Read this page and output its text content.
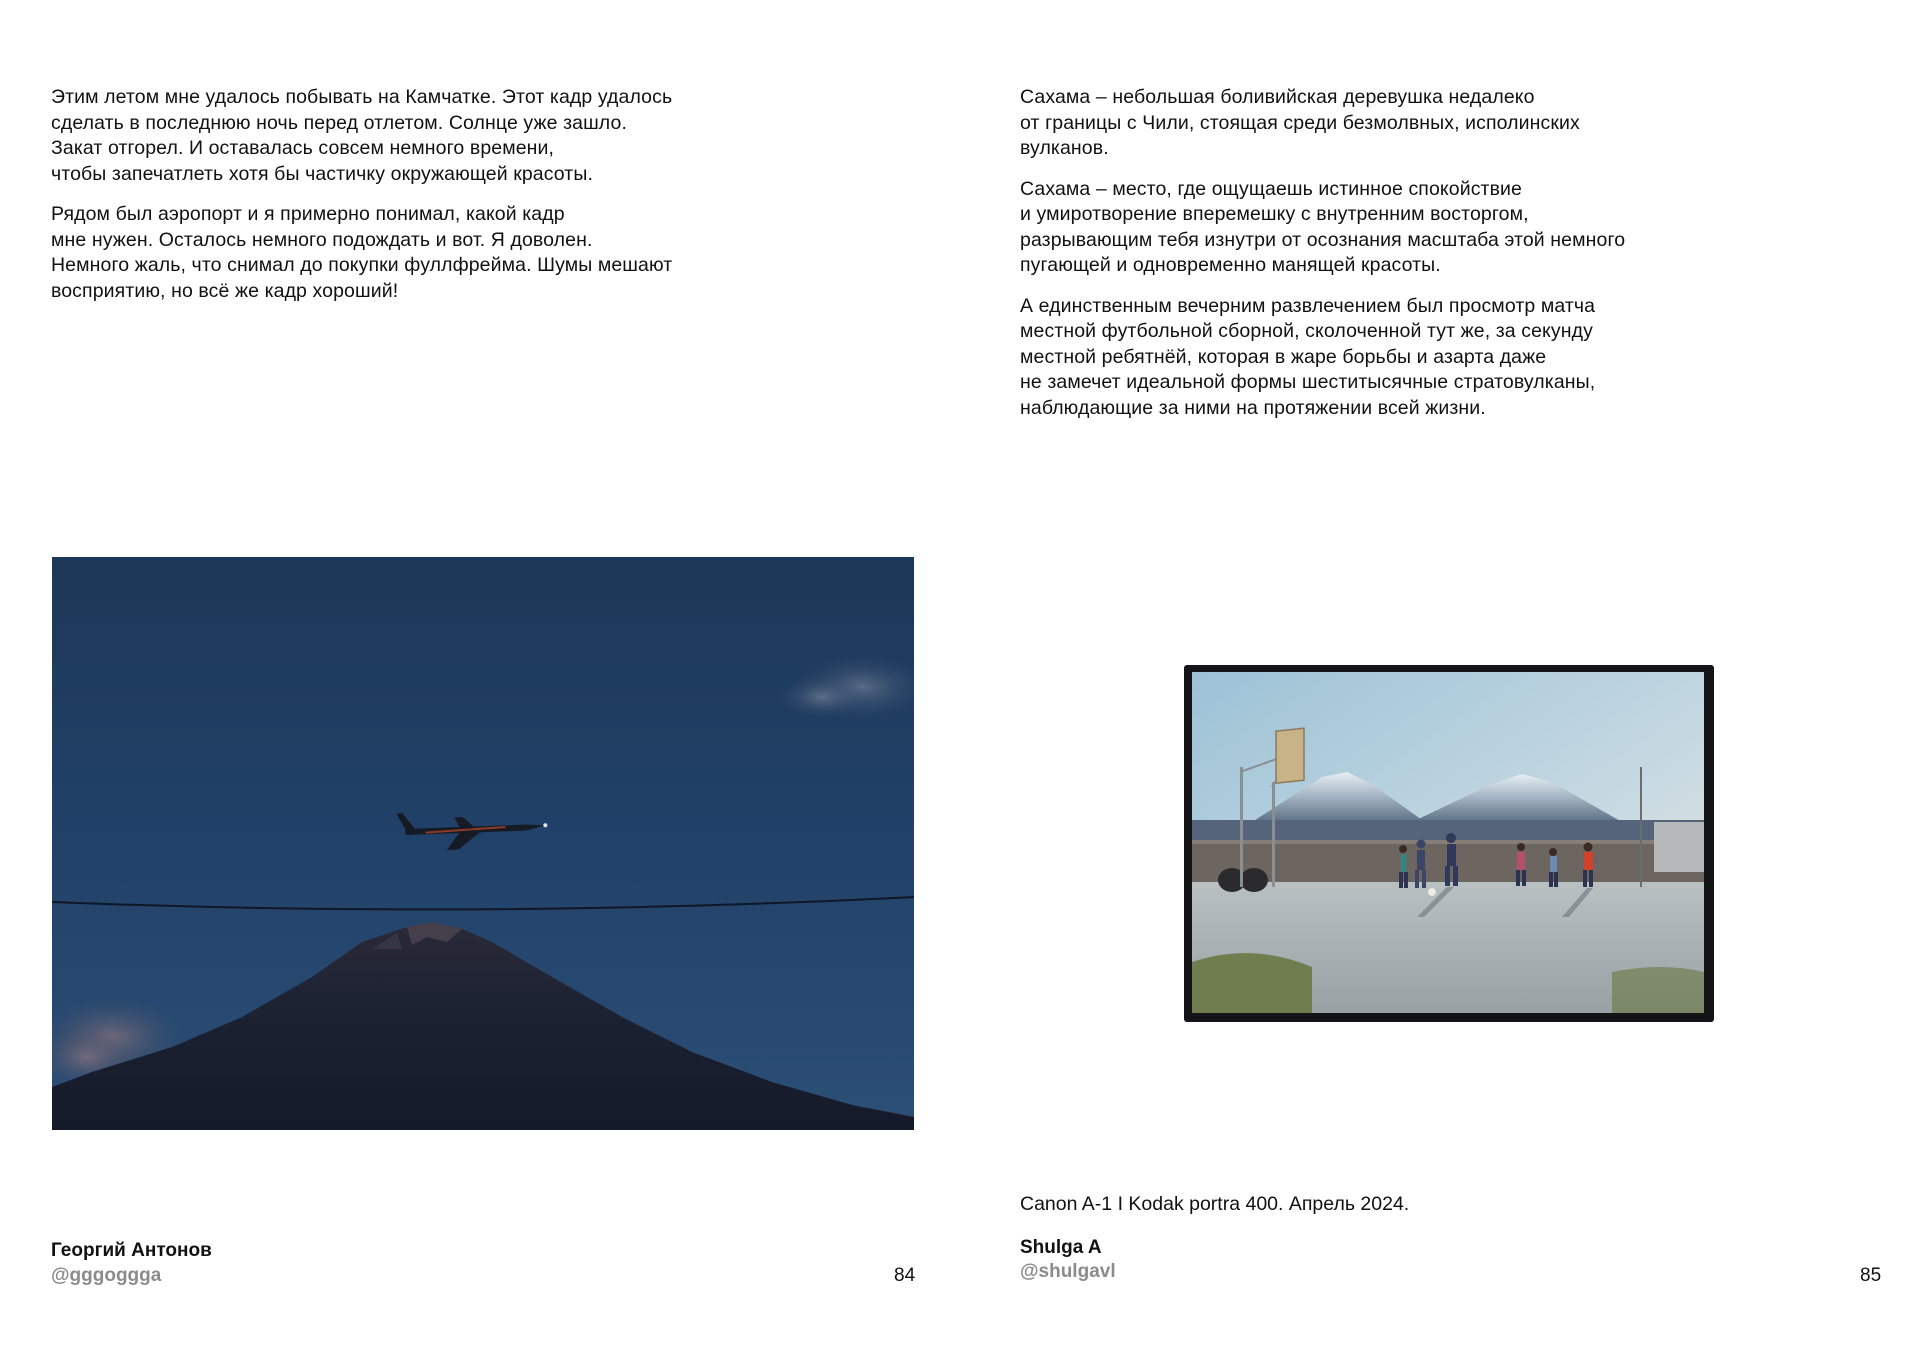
Этим летом мне удалось побывать на Камчатке. Этот кадр удалось
сделать в последнюю ночь перед отлетом. Солнце уже зашло.
Закат отгорел. И оставалась совсем немного времени,
чтобы запечатлеть хотя бы частичку окружающей красоты.

Рядом был аэропорт и я примерно понимал, какой кадр
мне нужен. Осталось немного подождать и вот. Я доволен.
Немного жаль, что снимал до покупки фуллфрейма. Шумы мешают
восприятию, но всё же кадр хороший!

Георгий Антонов
@gggoggga	84

Сахама – небольшая боливийская деревушка недалеко
от границы с Чили, стоящая среди безмолвных, исполинских
вулканов.

Сахама – место, где ощущаешь истинное спокойствие
и умиротворение вперемешку с внутренним восторгом,
разрывающим тебя изнутри от осознания масштаба этой немного
пугающей и одновременно манящей красоты.

А единственным вечерним развлечением был просмотр матча
местной футбольной сборной, сколоченной тут же, за секунду
местной ребятнёй, которая в жаре борьбы и азарта даже
не замечет идеальной формы шеститысячные стратовулканы,
наблюдающие за ними на протяжении всей жизни.

Canon A-1 I Kodak portra 400. Апрель 2024.
Shulga A
@shulgavl	85
